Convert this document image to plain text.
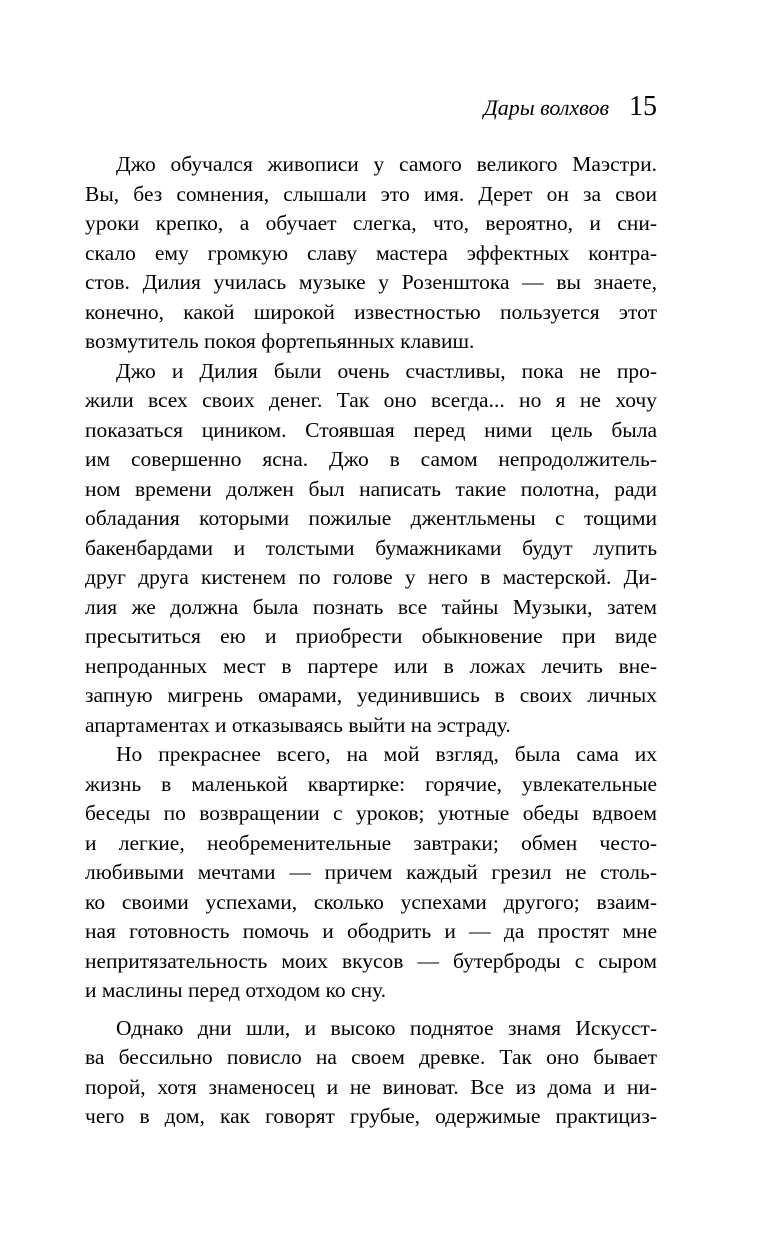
Дары волхвов 15
Джо обучался живописи у самого великого Маэстри.
Вы, без сомнения, слышали это имя. Дерет он за свои
уроки крепко, а обучает слегка, что, вероятно, и сни-
скало ему громкую славу мастера эффектных контра-
стов. Дилия училась музыке у Розенштока — вы знаете,
конечно, какой широкой известностью пользуется этот
возмутитель покоя фортепьянных клавиш.
Джо и Дилия были очень счастливы, пока не про-
жили всех своих денег. Так оно всегда... но я не хочу
показаться циником. Стоявшая перед ними цель была
им совершенно ясна. Джо в самом непродолжитель-
ном времени должен был написать такие полотна, ради
обладания которыми пожилые джентльмены с тощими
бакенбардами и толстыми бумажниками будут лупить
друг друга кистенем по голове у него в мастерской. Ди-
лия же должна была познать все тайны Музыки, затем
пресытиться ею и приобрести обыкновение при виде
непроданных мест в партере или в ложах лечить вне-
запную мигрень омарами, уединившись в своих личных
апартаментах и отказываясь выйти на эстраду.
Но прекраснее всего, на мой взгляд, была сама их
жизнь в маленькой квартирке: горячие, увлекательные
беседы по возвращении с уроков; уютные обеды вдвоем
и легкие, необременительные завтраки; обмен често-
любивыми мечтами — причем каждый грезил не столь-
ко своими успехами, сколько успехами другого; взаим-
ная готовность помочь и ободрить и — да простят мне
непритязательность моих вкусов — бутерброды с сыром
и маслины перед отходом ко сну.
Однако дни шли, и высоко поднятое знамя Искусст-
ва бессильно повисло на своем древке. Так оно бывает
порой, хотя знаменосец и не виноват. Все из дома и ни-
чего в дом, как говорят грубые, одержимые практициз-
